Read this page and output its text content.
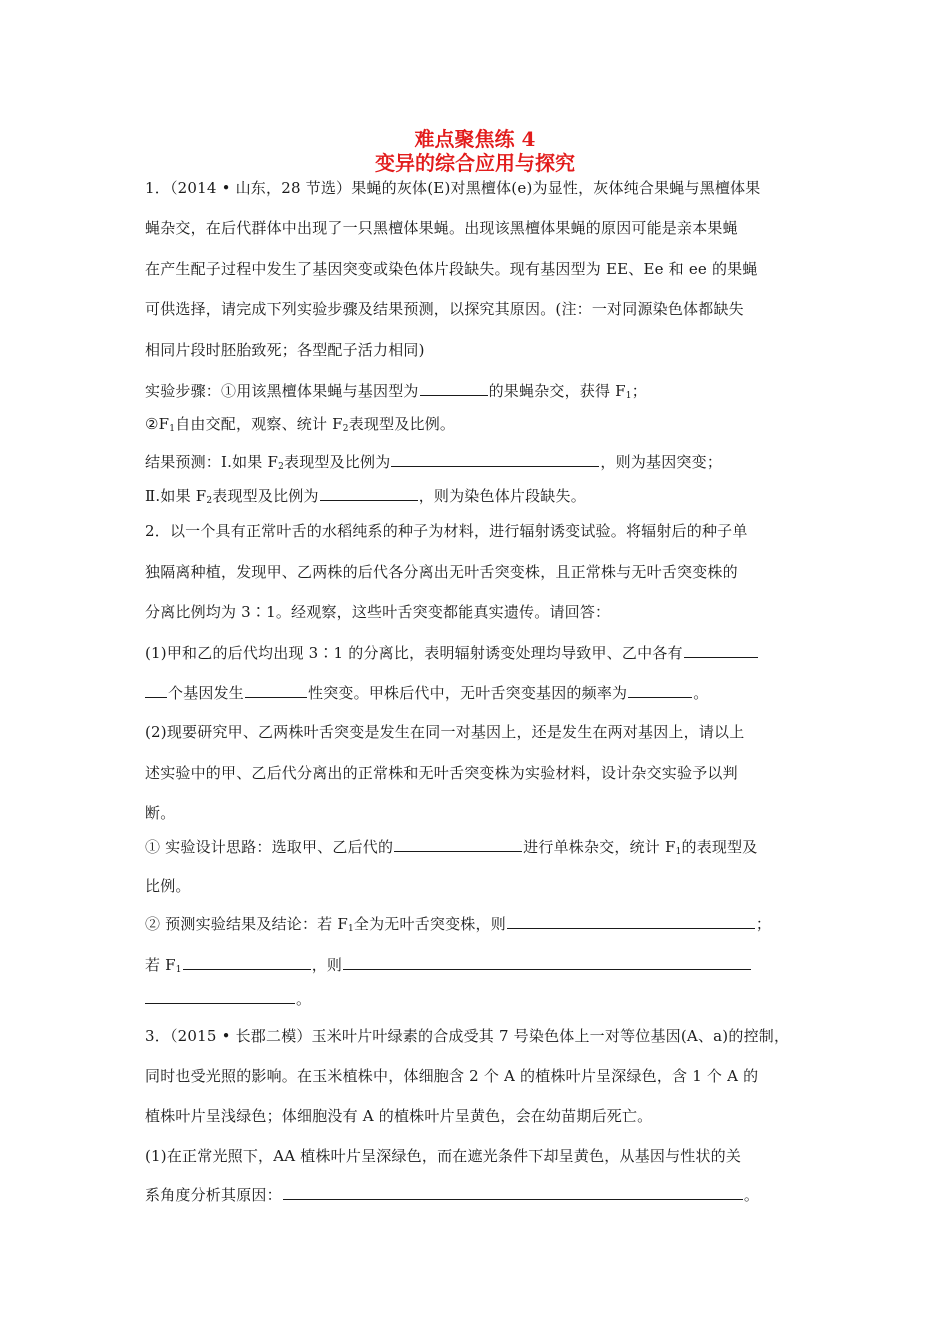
难点聚焦练 4
变异的综合应用与探究
1．（2014 • 山东，28 节选）果蝇的灰体(E)对黑檀体(e)为显性，灰体纯合果蝇与黑檀体果
蝇杂交，在后代群体中出现了一只黑檀体果蝇。出现该黑檀体果蝇的原因可能是亲本果蝇
在产生配子过程中发生了基因突变或染色体片段缺失。现有基因型为 EE、Ee 和 ee 的果蝇
可供选择，请完成下列实验步骤及结果预测，以探究其原因。(注：一对同源染色体都缺失
相同片段时胚胎致死；各型配子活力相同)
实验步骤：①用该黑檀体果蝇与基因型为	的果蝇杂交，获得 $F_1$；
$②F_1$自由交配，观察、统计 $F_2$表现型及比例。
结果预测：Ⅰ.如果 $F_2$表现型及比例为	，则为基因突变；
Ⅱ.如果 $F_2$表现型及比例为	，则为染色体片段缺失。
2．以一个具有正常叶舌的水稻纯系的种子为材料，进行辐射诱变试验。将辐射后的种子单
独隔离种植，发现甲、乙两株的后代各分离出无叶舌突变株，且正常株与无叶舌突变株的
分离比例均为 3∶1。经观察，这些叶舌突变都能真实遗传。请回答：
(1)甲和乙的后代均出现 3∶1 的分离比，表明辐射诱变处理均导致甲、乙中各有
个基因发生	性突变。甲株后代中，无叶舌突变基因的频率为	。
(2)现要研究甲、乙两株叶舌突变是发生在同一对基因上，还是发生在两对基因上，请以上
述实验中的甲、乙后代分离出的正常株和无叶舌突变株为实验材料，设计杂交实验予以判
断。
① 实验设计思路：选取甲、乙后代的	进行单株杂交，统计 $F_1$的表现型及
比例。
② 预测实验结果及结论：若 $F_1$全为无叶舌突变株，则	；
若 $F_1$	，则
。
3．（2015 • 长郡二模）玉米叶片叶绿素的合成受其 7 号染色体上一对等位基因(A、a)的控制，
同时也受光照的影响。在玉米植株中，体细胞含 2 个 A 的植株叶片呈深绿色，含 1 个 A 的
植株叶片呈浅绿色；体细胞没有 A 的植株叶片呈黄色，会在幼苗期后死亡。
(1)在正常光照下，AA 植株叶片呈深绿色，而在遮光条件下却呈黄色，从基因与性状的关
系角度分析其原因：	。
